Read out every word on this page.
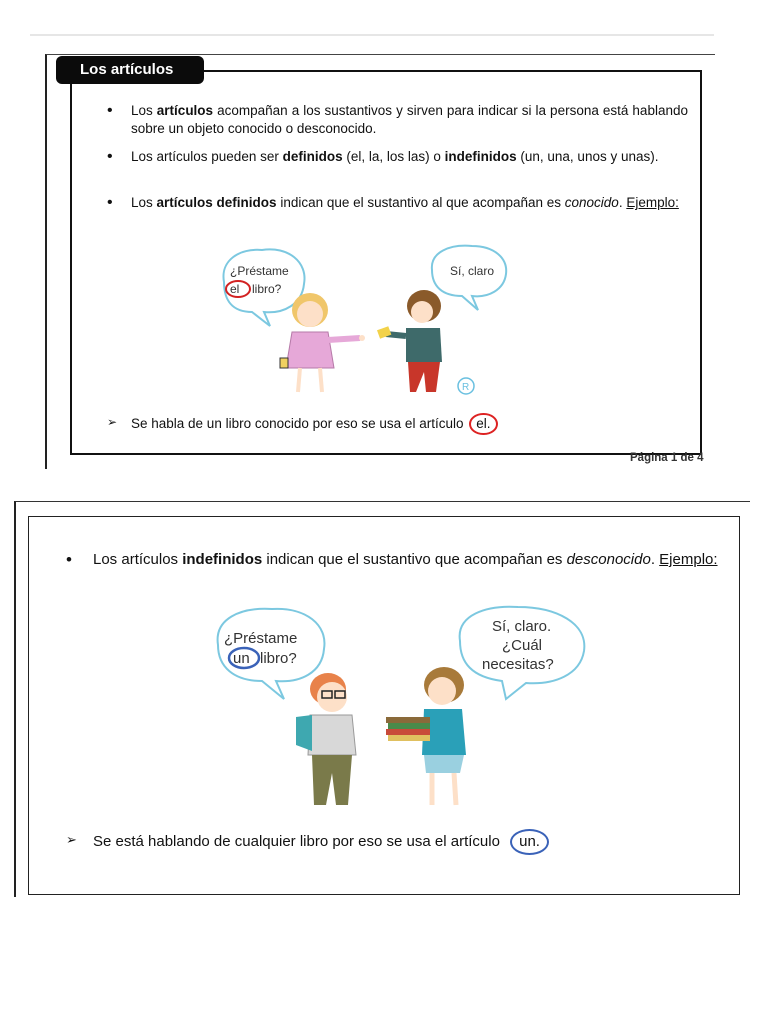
Los artículos
• Los artículos acompañan a los sustantivos y sirven para indicar si la persona está hablando sobre un objeto conocido o desconocido.
• Los artículos pueden ser definidos (el, la, los las) o indefinidos (un, una, unos y unas).
• Los artículos definidos indican que el sustantivo al que acompañan es conocido. Ejemplo:
¿Préstame
el libro?
Sí, claro
R
➢ Se habla de un libro conocido por eso se usa el artículo el.
Página 1 de 4
• Los artículos indefinidos indican que el sustantivo que acompañan es desconocido. Ejemplo:
¿Préstame
un libro?
Sí, claro.
¿Cuál
necesitas?
➢ Se está hablando de cualquier libro por eso se usa el artículo un.
